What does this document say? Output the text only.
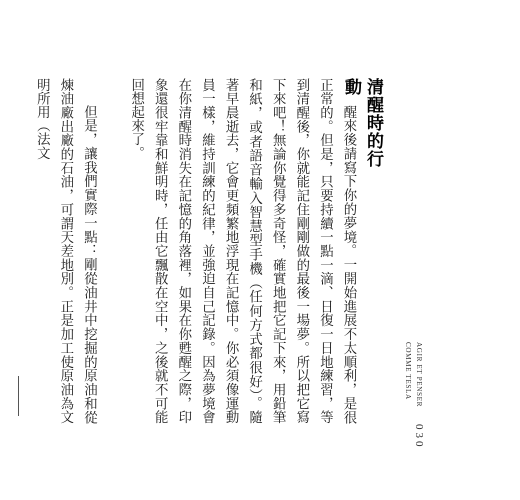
清醒時的行動

醒來後請寫下你的夢境。一開始進展不太順利，是很正常的。但是，只要持續一點一滴、日復一日地練習，等到清醒後，你就能記住剛剛做的最後一場夢。所以把它寫下來吧！無論你覺得多奇怪，確實地把它記下來，用鉛筆和紙，或者語音輸入智慧型手機（任何方式都很好）。隨著早晨逝去，它會更頻繁地浮現在記憶中。你必須像運動員一樣，維持訓練的紀律，並強迫自己記錄。因為夢境會在你清醒時消失在記憶的角落裡，如果在你甦醒之際，印象還很牢靠和鮮明時，任由它飄散在空中，之後就不可能回想起來了。

但是，讓我們實際一點：剛從油井中挖掘的原油和從煉油廠出廠的石油，可謂天差地別。正是加工使原油為文明所用（法文

AGIR ET PENSER
COMME TESLA
030
